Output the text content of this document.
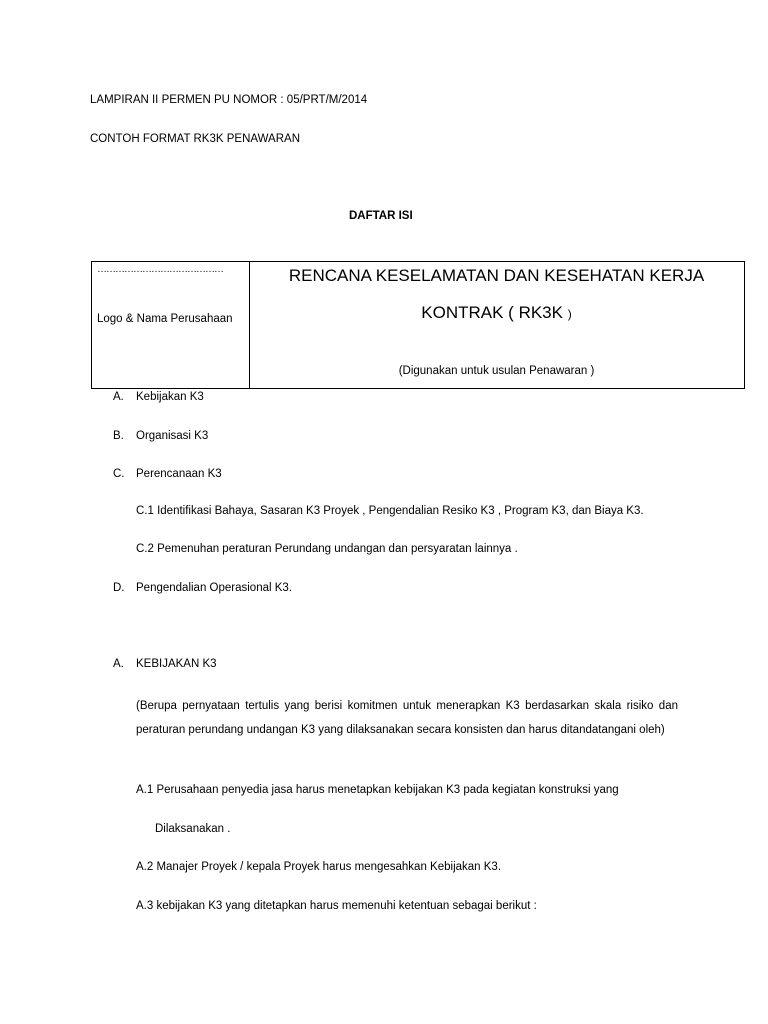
LAMPIRAN II PERMEN PU NOMOR : 05/PRT/M/2014
CONTOH FORMAT RK3K PENAWARAN
DAFTAR ISI
……………………………………
Logo & Nama Perusahaan
RENCANA KESELAMATAN DAN KESEHATAN KERJA
KONTRAK ( RK3K )
(Digunakan untuk usulan Penawaran )
A. Kebijakan K3
B. Organisasi K3
C. Perencanaan K3
C.1 Identifikasi Bahaya, Sasaran K3 Proyek , Pengendalian Resiko K3 , Program K3, dan Biaya K3.
C.2 Pemenuhan peraturan Perundang undangan dan persyaratan lainnya .
D. Pengendalian Operasional K3.
A. KEBIJAKAN K3
(Berupa pernyataan tertulis yang berisi komitmen untuk menerapkan K3 berdasarkan skala risiko dan peraturan perundang undangan K3 yang dilaksanakan secara konsisten dan harus ditandatangani oleh)
A.1 Perusahaan penyedia jasa harus menetapkan kebijakan K3 pada kegiatan konstruksi yang
Dilaksanakan .
A.2 Manajer Proyek / kepala Proyek harus mengesahkan Kebijakan K3.
A.3 kebijakan K3 yang ditetapkan harus memenuhi ketentuan sebagai berikut :
